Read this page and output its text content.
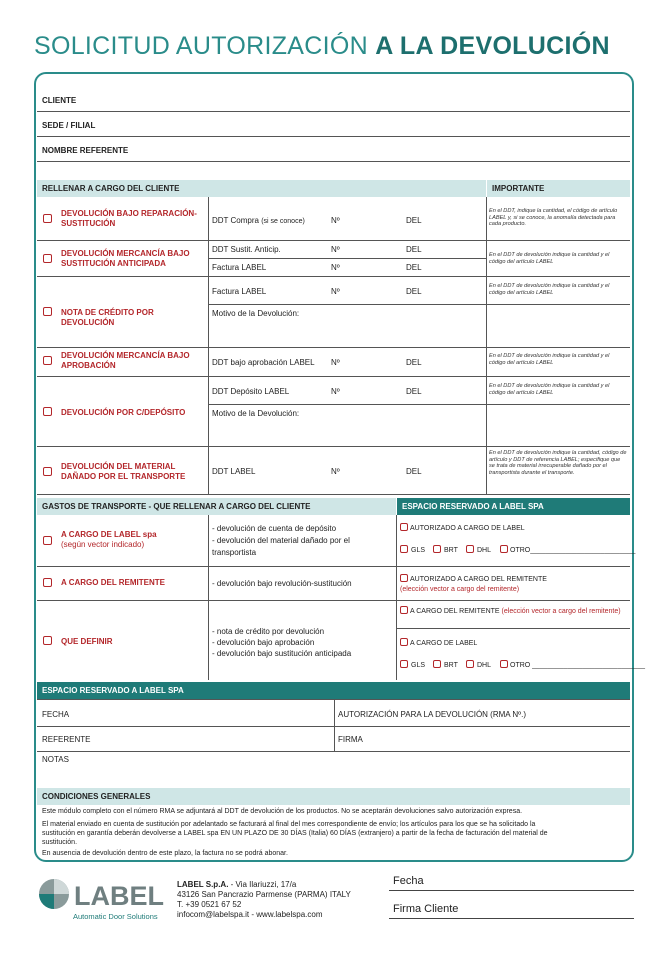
SOLICITUD AUTORIZACIÓN A LA DEVOLUCIÓN
CLIENTE
SEDE / FILIAL
NOMBRE REFERENTE
RELLENAR A CARGO DEL CLIENTE	IMPORTANTE
DEVOLUCIÓN BAJO REPARACIÓN-SUSTITUCIÓN	DDT Compra (si se conoce)	Nº	DEL
En el DDT, indique la cantidad, el código de artículo LABEL y, si se conoce, la anomalía detectada para cada producto.
DEVOLUCIÓN MERCANCÍA BAJO SUSTITUCIÓN ANTICIPADA
DDT Sustit. Anticip.	Nº	DEL
Factura LABEL	Nº	DEL
En el DDT de devolución indique la cantidad y el código del artículo LABEL
NOTA DE CRÉDITO POR DEVOLUCIÓN
Factura LABEL	Nº	DEL
Motivo de la Devolución:
En el DDT de devolución indique la cantidad y el código del artículo LABEL
DEVOLUCIÓN MERCANCÍA BAJO APROBACIÓN	DDT bajo aprobación LABEL Nº	DEL
En el DDT de devolución indique la cantidad y el código del artículo LABEL
DEVOLUCIÓN POR C/DEPÓSITO
DDT Depósito LABEL	Nº	DEL
Motivo de la Devolución:
En el DDT de devolución indique la cantidad y el código del artículo LABEL
DEVOLUCIÓN DEL MATERIAL DAÑADO POR EL TRANSPORTE
DDT LABEL	Nº	DEL
En el DDT de devolución indique la cantidad, código de artículo y DDT de referencia LABEL; especifique que se trata de material irrecuperable dañado por el transportista durante el transporte.
GASTOS DE TRANSPORTE - QUE RELLENAR A CARGO DEL CLIENTE	ESPACIO RESERVADO A LABEL SPA
A CARGO DE LABEL spa
(según vector indicado)
- devolución de cuenta de depósito
- devolución del material dañado por el
transportista
AUTORIZADO A CARGO DE LABEL
GLS	BRT	DHL	OTRO___________________________
A CARGO DEL REMITENTE	- devolución bajo revolución-sustitución	AUTORIZADO A CARGO DEL REMITENTE
(elección vector a cargo del remitente)
QUE DEFINIR
- nota de crédito por devolución
- devolución bajo aprobación
- devolución bajo sustitución anticipada
A CARGO DEL REMITENTE (elección vector a cargo del remitente)
A CARGO DE LABEL
GLS	BRT	DHL	OTRO _____________________________
ESPACIO RESERVADO A LABEL SPA
FECHA	AUTORIZACIÓN PARA LA DEVOLUCIÓN (RMA Nº.)
REFERENTE	FIRMA
NOTAS
CONDICIONES GENERALES
Este módulo completo con el número RMA se adjuntará al DDT de devolución de los productos. No se aceptarán devoluciones salvo autorización expresa.
El material enviado en cuenta de sustitución por adelantado se facturará al final del mes correspondiente de envío; los artículos para los que se ha solicitado la
sustitución en garantía deberán devolverse a LABEL spa EN UN PLAZO DE 30 DÍAS (Italia) 60 DÍAS (extranjero) a partir de la fecha de facturación del material de
sustitución.
En ausencia de devolución dentro de este plazo, la factura no se podrá abonar.
LABEL
Automatic Door Solutions
LABEL S.p.A. - Via Ilariuzzi, 17/a
43126 San Pancrazio Parmense (PARMA) ITALY
T. +39 0521 67 52
infocom@labelspa.it - www.labelspa.com
Fecha
Firma Cliente
